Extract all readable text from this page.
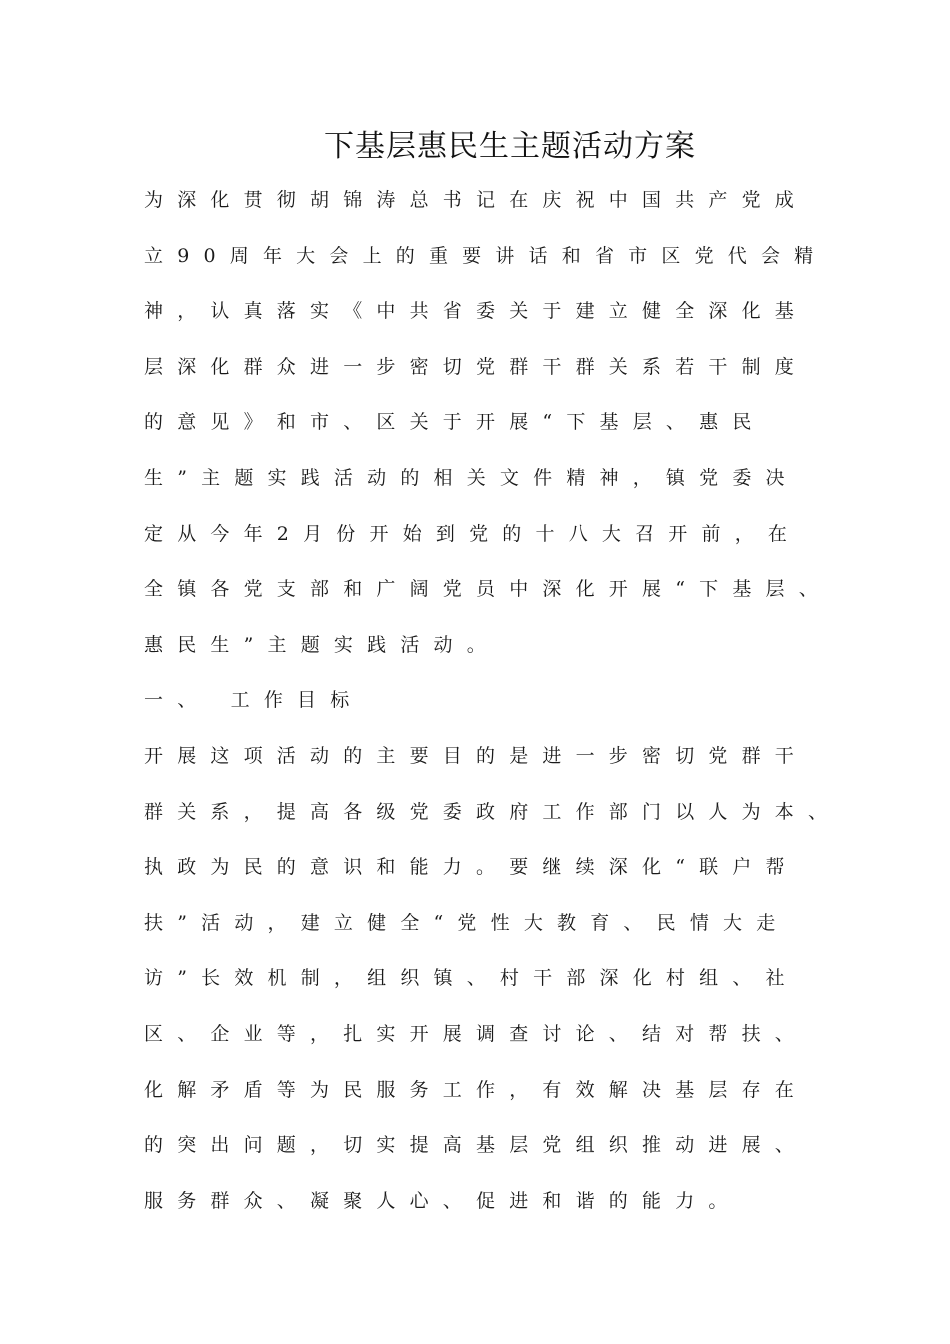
下基层惠民生主题活动方案
为深化贯彻胡锦涛总书记在庆祝中国共产党成
立90周年大会上的重要讲话和省市区党代会精
神，认真落实《中共省委关于建立健全深化基
层深化群众进一步密切党群干群关系若干制度
的意见》和市、区关于开展“下基层、惠民
生”主题实践活动的相关文件精神，镇党委决
定从今年2月份开始到党的十八大召开前，在
全镇各党支部和广阔党员中深化开展“下基层、
惠民生”主题实践活动。
一、 工作目标
开展这项活动的主要目的是进一步密切党群干
群关系，提高各级党委政府工作部门以人为本、
执政为民的意识和能力。要继续深化“联户帮
扶”活动，建立健全“党性大教育、民情大走
访”长效机制，组织镇、村干部深化村组、社
区、企业等，扎实开展调查讨论、结对帮扶、
化解矛盾等为民服务工作，有效解决基层存在
的突出问题，切实提高基层党组织推动进展、
服务群众、凝聚人心、促进和谐的能力。
